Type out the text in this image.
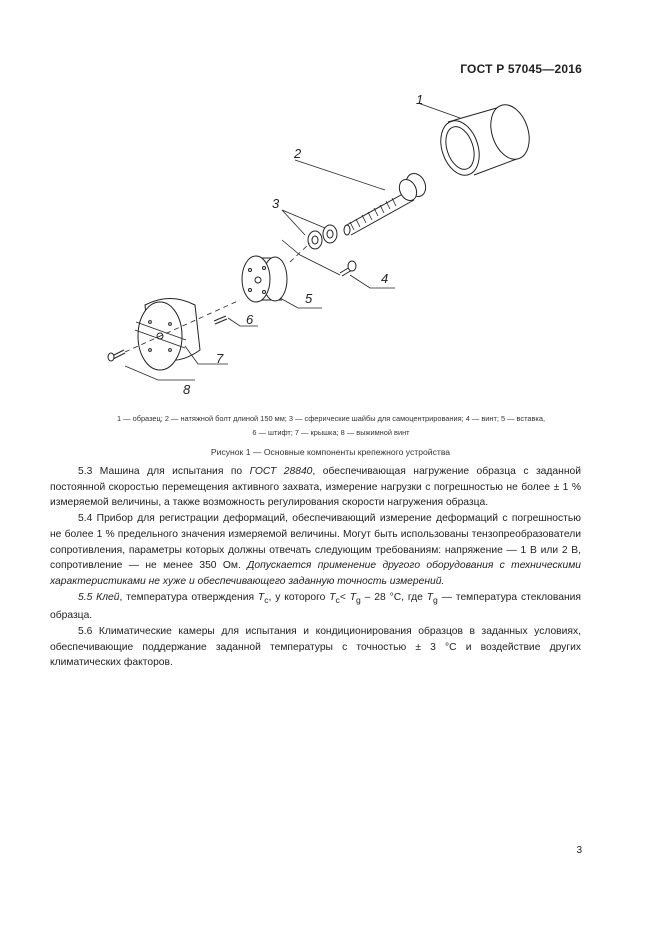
ГОСТ Р 57045—2016
1
2
3
4
5
6
7
8
1 — образец; 2 — натяжной болт длиной 150 мм; 3 — сферические шайбы для самоцентрирования; 4 — винт; 5 — вставка,
6 — штифт; 7 — крышка; 8 — выжимной винт
Рисунок 1 — Основные компоненты крепежного устройства

5.3 Машина для испытания по ГОСТ 28840, обеспечивающая нагружение образца с заданной постоянной скоростью перемещения активного захвата, измерение нагрузки с погрешностью не более ± 1 % измеряемой величины, а также возможность регулирования скорости нагружения образца.

5.4 Прибор для регистрации деформаций, обеспечивающий измерение деформаций с погрешностью не более 1 % предельного значения измеряемой величины. Могут быть использованы тензопреобразователи сопротивления, параметры которых должны отвечать следующим требованиям: напряжение — 1 В или 2 В, сопротивление — не менее 350 Ом. Допускается применение другого оборудования с техническими характеристиками не хуже и обеспечивающего заданную точность измерений.

5.5 Клей, температура отверждения $T_c$, у которого $T_c< T_g - 28$ °С, где $T_g$ — температура стеклования образца.

5.6 Климатические камеры для испытания и кондиционирования образцов в заданных условиях, обеспечивающие поддержание заданной температуры с точностью ± 3 °С и воздействие других климатических факторов.

3
